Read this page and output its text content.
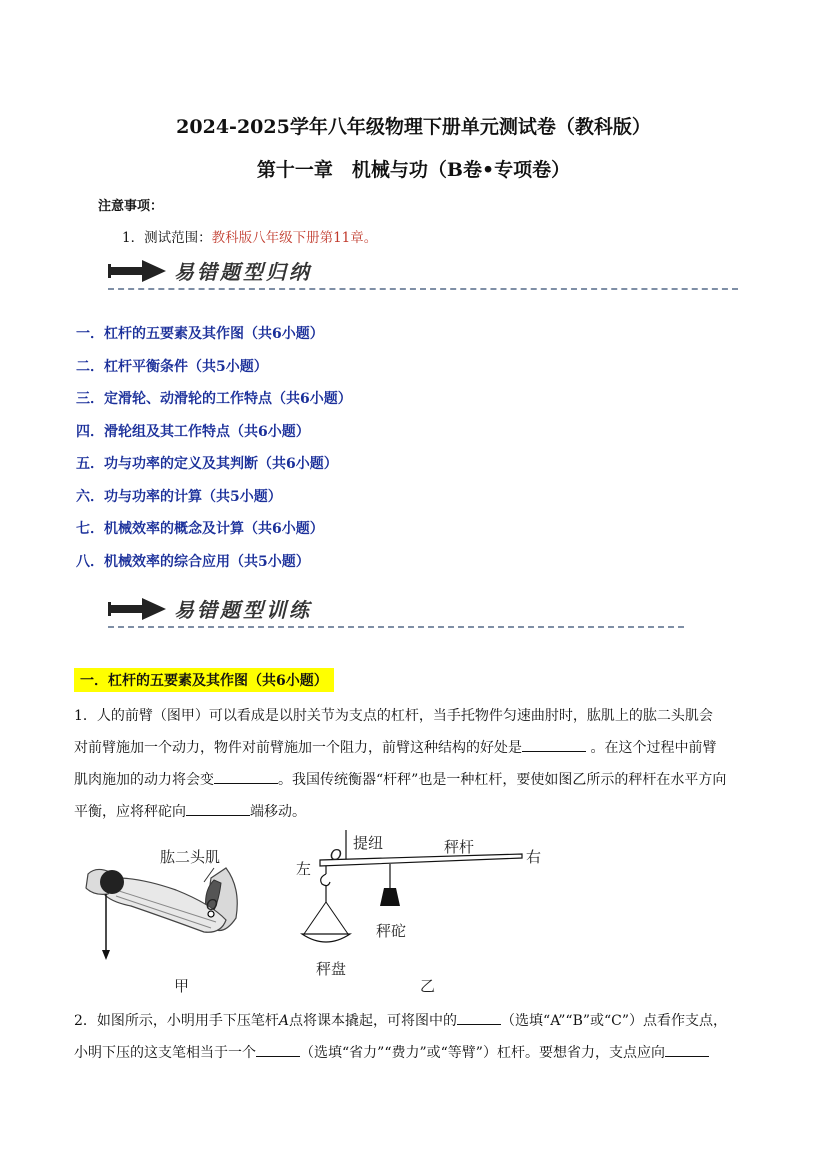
2024-2025学年八年级物理下册单元测试卷（教科版）
第十一章　机械与功（B卷•专项卷）
注意事项：
1．测试范围：教科版八年级下册第11章。
易错题型归纳
一．杠杆的五要素及其作图（共6小题）
二．杠杆平衡条件（共5小题）
三．定滑轮、动滑轮的工作特点（共6小题）
四．滑轮组及其工作特点（共6小题）
五．功与功率的定义及其判断（共6小题）
六．功与功率的计算（共5小题）
七．机械效率的概念及计算（共6小题）
八．机械效率的综合应用（共5小题）
易错题型训练
一．杠杆的五要素及其作图（共6小题）
1．人的前臂（图甲）可以看成是以肘关节为支点的杠杆，当手托物件匀速曲肘时，肱肌上的肱二头肌会
对前臂施加一个动力，物件对前臂施加一个阻力，前臂这种结构的好处是	。在这个过程中前臂
肌肉施加的动力将会变	。我国传统衡器“杆秤”也是一种杠杆，要使如图乙所示的秤杆在水平方向
平衡，应将秤砣向	端移动。
肱二头肌
O
甲
O
提纽	秤杆
左
右
秤砣
秤盘
乙
2．如图所示，小明用手下压笔杆A点将课本撬起，可将图中的	（选填“A”“B”或“C”）点看作支点，
小明下压的这支笔相当于一个	（选填“省力”“费力”或“等臂”）杠杆。要想省力，支点应向
